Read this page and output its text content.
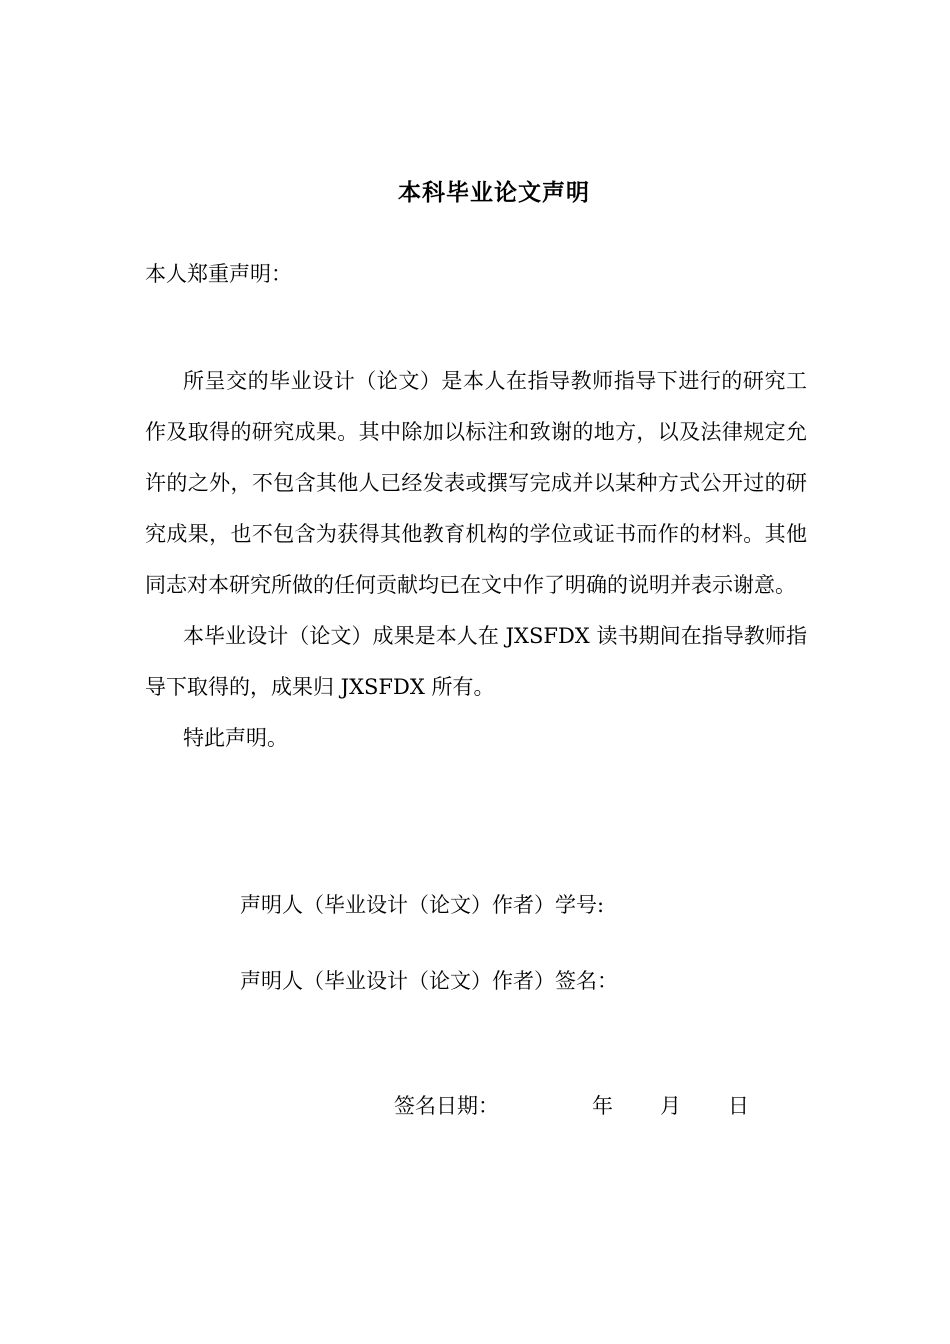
本科毕业论文声明
本人郑重声明：

所呈交的毕业设计（论文）是本人在指导教师指导下进行的研究工作及取得的研究成果。其中除加以标注和致谢的地方，以及法律规定允许的之外，不包含其他人已经发表或撰写完成并以某种方式公开过的研究成果，也不包含为获得其他教育机构的学位或证书而作的材料。其他同志对本研究所做的任何贡献均已在文中作了明确的说明并表示谢意。

本毕业设计（论文）成果是本人在 JXSFDX 读书期间在指导教师指导下取得的，成果归 JXSFDX 所有。

特此声明。

声明人（毕业设计（论文）作者）学号:
声明人（毕业设计（论文）作者）签名：
签名日期：	年 月 日
